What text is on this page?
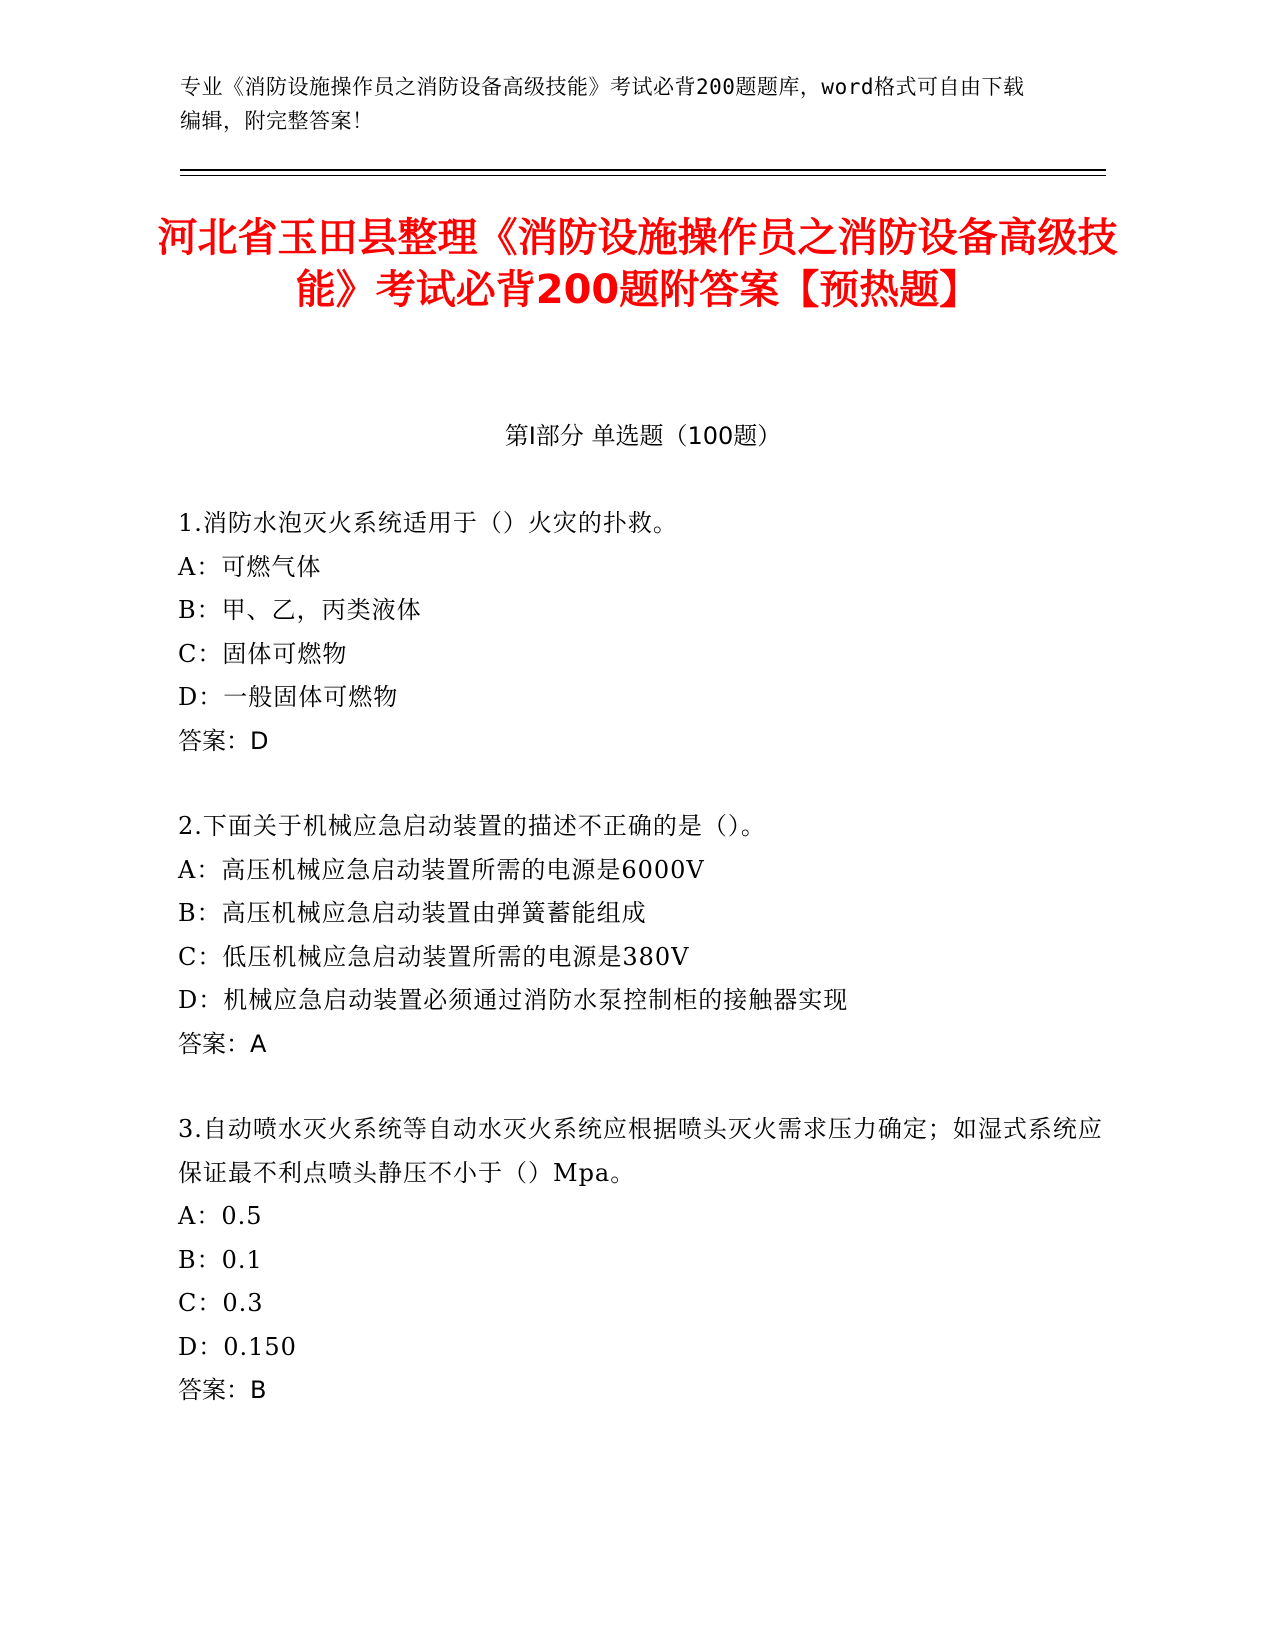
专业《消防设施操作员之消防设备高级技能》考试必背200题题库，word格式可自由下载编辑，附完整答案！
河北省玉田县整理《消防设施操作员之消防设备高级技能》考试必背200题附答案【预热题】
第Ⅰ部分 单选题（100题）
1.消防水泡灭火系统适用于（）火灾的扑救。
A：可燃气体
B：甲、乙，丙类液体
C：固体可燃物
D：一般固体可燃物
答案：D
2.下面关于机械应急启动装置的描述不正确的是（）。
A：高压机械应急启动装置所需的电源是6000V
B：高压机械应急启动装置由弹簧蓄能组成
C：低压机械应急启动装置所需的电源是380V
D：机械应急启动装置必须通过消防水泵控制柜的接触器实现
答案：A
3.自动喷水灭火系统等自动水灭火系统应根据喷头灭火需求压力确定；如湿式系统应保证最不利点喷头静压不小于（）Mpa。
A：0.5
B：0.1
C：0.3
D：0.150
答案：B
